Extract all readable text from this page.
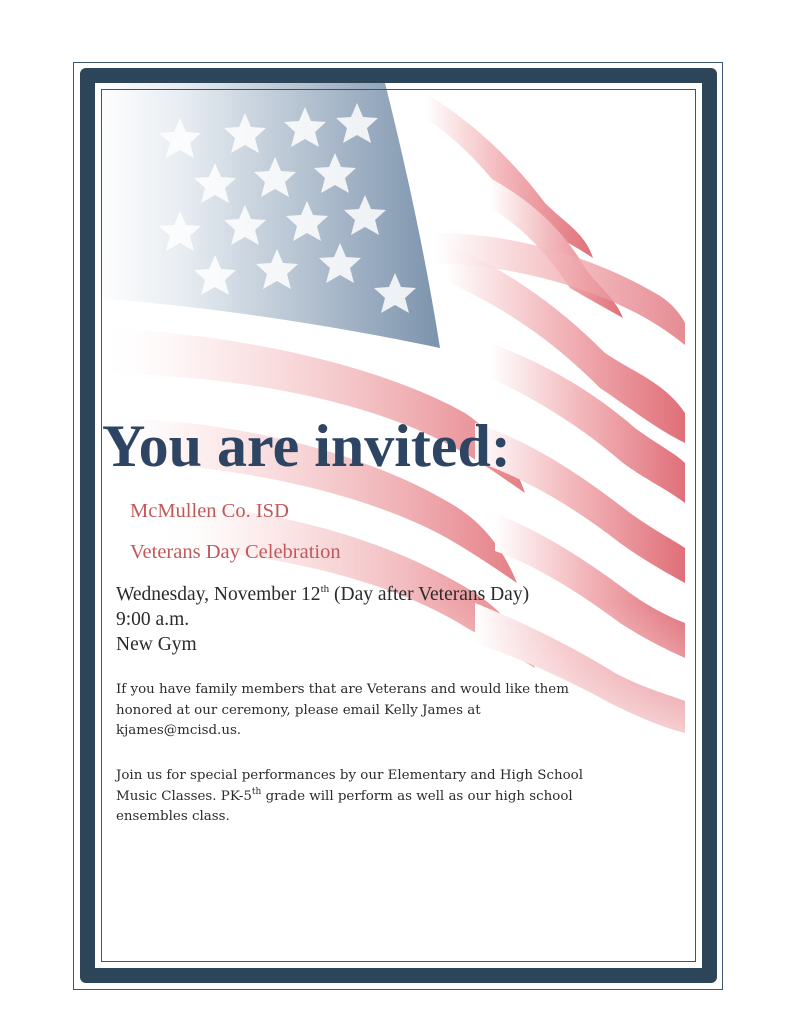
You are invited:

McMullen Co. ISD

Veterans Day Celebration

Wednesday, November 12th (Day after Veterans Day)
9:00 a.m.
New Gym

If you have family members that are Veterans and would like them
honored at our ceremony, please email Kelly James at
kjames@mcisd.us.

Join us for special performances by our Elementary and High School
Music Classes. PK-5th grade will perform as well as our high school
ensembles class.
